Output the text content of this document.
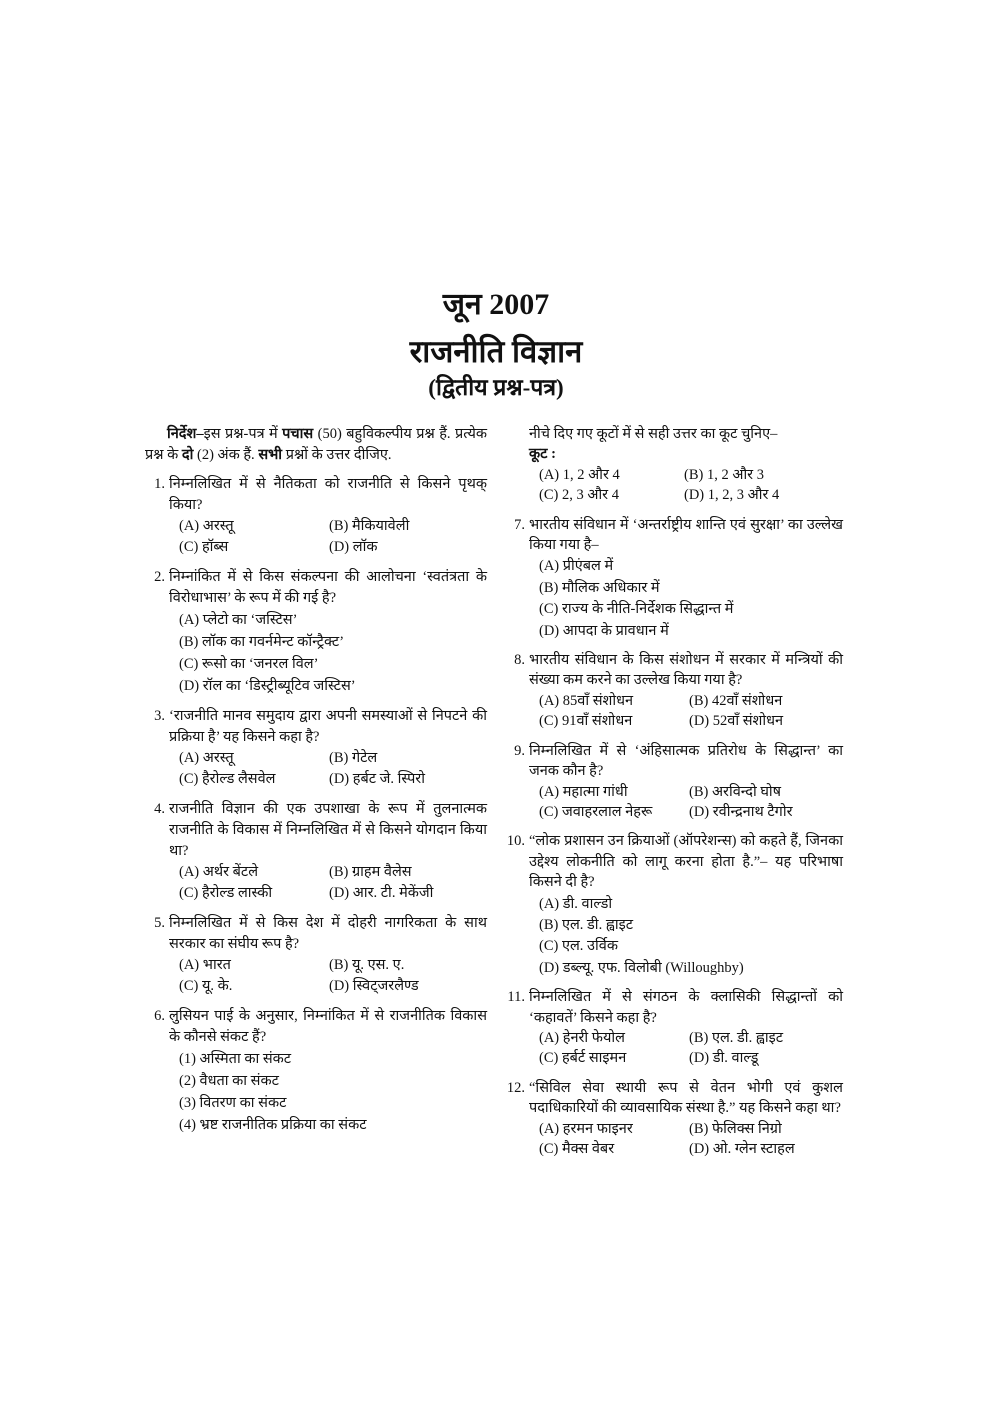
जून 2007
राजनीति विज्ञान
(द्वितीय प्रश्न-पत्र)
निर्देश–इस प्रश्न-पत्र में पचास (50) बहुविकल्पीय प्रश्न हैं. प्रत्येक प्रश्न के दो (2) अंक हैं. सभी प्रश्नों के उत्तर दीजिए.
1. निम्नलिखित में से नैतिकता को राजनीति से किसने पृथक् किया?
(A) अरस्तू	(B) मैकियावेली
(C) हॉब्स	(D) लॉक
2. निम्नांकित में से किस संकल्पना की आलोचना ‘स्वतंत्रता के विरोधाभास’ के रूप में की गई है?
(A) प्लेटो का ‘जस्टिस’
(B) लॉक का गवर्नमेन्ट कॉन्ट्रैक्ट’
(C) रूसो का ‘जनरल विल’
(D) रॉल का ‘डिस्ट्रीब्यूटिव जस्टिस’
3. ‘राजनीति मानव समुदाय द्वारा अपनी समस्याओं से निपटने की प्रक्रिया है’ यह किसने कहा है?
(A) अरस्तू	(B) गेटेल
(C) हैरोल्ड लैसवेल	(D) हर्बट जे. स्पिरो
4. राजनीति विज्ञान की एक उपशाखा के रूप में तुलनात्मक राजनीति के विकास में निम्नलिखित में से किसने योगदान किया था?
(A) अर्थर बेंटले	(B) ग्राहम वैलेस
(C) हैरोल्ड लास्की	(D) आर. टी. मेकेंजी
5. निम्नलिखित में से किस देश में दोहरी नागरिकता के साथ सरकार का संघीय रूप है?
(A) भारत	(B) यू. एस. ए.
(C) यू. के.	(D) स्विट्जरलैण्ड
6. लुसियन पाई के अनुसार, निम्नांकित में से राजनीतिक विकास के कौनसे संकट हैं?
(1) अस्मिता का संकट
(2) वैधता का संकट
(3) वितरण का संकट
(4) भ्रष्ट राजनीतिक प्रक्रिया का संकट
नीचे दिए गए कूटों में से सही उत्तर का कूट चुनिए–
कूट :
(A) 1, 2 और 4	(B) 1, 2 और 3
(C) 2, 3 और 4	(D) 1, 2, 3 और 4
7. भारतीय संविधान में ‘अन्तर्राष्ट्रीय शान्ति एवं सुरक्षा’ का उल्लेख किया गया है–
(A) प्रीएंबल में
(B) मौलिक अधिकार में
(C) राज्य के नीति-निर्देशक सिद्धान्त में
(D) आपदा के प्रावधान में
8. भारतीय संविधान के किस संशोधन में सरकार में मन्त्रियों की संख्या कम करने का उल्लेख किया गया है?
(A) 85वाँ संशोधन	(B) 42वाँ संशोधन
(C) 91वाँ संशोधन	(D) 52वाँ संशोधन
9. निम्नलिखित में से ‘अंहिसात्मक प्रतिरोध के सिद्धान्त’ का जनक कौन है?
(A) महात्मा गांधी	(B) अरविन्दो घोष
(C) जवाहरलाल नेहरू	(D) रवीन्द्रनाथ टैगोर
10. “लोक प्रशासन उन क्रियाओं (ऑपरेशन्स) को कहते हैं, जिनका उद्देश्य लोकनीति को लागू करना होता है.”– यह परिभाषा किसने दी है?
(A) डी. वाल्डो
(B) एल. डी. ह्वाइट
(C) एल. उर्विक
(D) डब्ल्यू. एफ. विलोबी (Willoughby)
11. निम्नलिखित में से संगठन के क्लासिकी सिद्धान्तों को ‘कहावतें’ किसने कहा है?
(A) हेनरी फेयोल	(B) एल. डी. ह्वाइट
(C) हर्बर्ट साइमन	(D) डी. वाल्डू
12. “सिविल सेवा स्थायी रूप से वेतन भोगी एवं कुशल पदाधिकारियों की व्यावसायिक संस्था है.” यह किसने कहा था?
(A) हरमन फाइनर	(B) फेलिक्स निग्रो
(C) मैक्स वेबर	(D) ओ. ग्लेन स्टाहल
